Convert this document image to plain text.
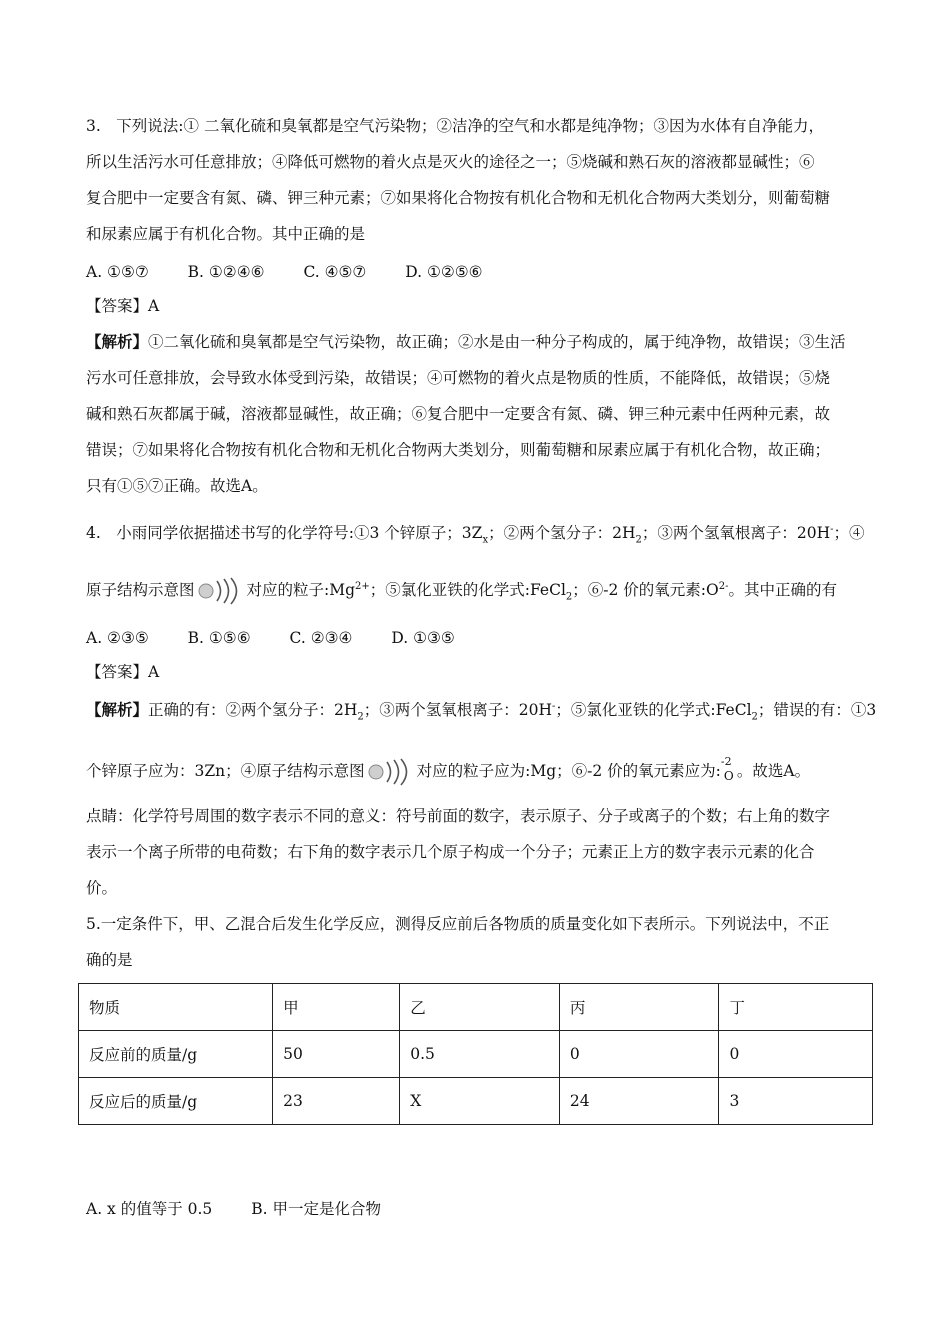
3.　下列说法:① 二氧化硫和臭氧都是空气污染物；②洁净的空气和水都是纯净物；③因为水体有自净能力，
所以生活污水可任意排放；④降低可燃物的着火点是灭火的途径之一；⑤烧碱和熟石灰的溶液都显碱性；⑥
复合肥中一定要含有氮、磷、钾三种元素；⑦如果将化合物按有机化合物和无机化合物两大类划分，则葡萄糖
和尿素应属于有机化合物。其中正确的是
A. ①⑤⑦	B. ①②④⑥	C. ④⑤⑦	D. ①②⑤⑥
【答案】A
【解析】①二氧化硫和臭氧都是空气污染物，故正确；②水是由一种分子构成的，属于纯净物，故错误；③生活
污水可任意排放，会导致水体受到污染，故错误；④可燃物的着火点是物质的性质，不能降低，故错误；⑤烧
碱和熟石灰都属于碱，溶液都显碱性，故正确；⑥复合肥中一定要含有氮、磷、钾三种元素中任两种元素，故
错误；⑦如果将化合物按有机化合物和无机化合物两大类划分，则葡萄糖和尿素应属于有机化合物，故正确；
只有①⑤⑦正确。故选A。
4.　小雨同学依据描述书写的化学符号:①3 个锌原子；$3Z_x$；②两个氢分子：$2H_2$；③两个氢氧根离子：20H-；④
原子结构示意图	对应的粒子$:Mg^{2+}$；⑤氯化亚铁的化学式:FeCl$_2$；⑥-2 价的氧元素$:O^{2-}$。其中正确的有
A. ②③⑤	B. ①⑤⑥	C. ②③④	D. ①③⑤
【答案】A
【解析】正确的有：②两个氢分子：$2H_2$；③两个氢氧根离子：20H-；⑤氯化亚铁的化学式:FeCl$_2$；错误的有：①3
个锌原子应为：3Zn；④原子结构示意图	对应的粒子应为:Mg；⑥-2 价的氧元素应为:
-2
O 。故选A。
点睛：化学符号周围的数字表示不同的意义：符号前面的数字，表示原子、分子或离子的个数；右上角的数字
表示一个离子所带的电荷数；右下角的数字表示几个原子构成一个分子；元素正上方的数字表示元素的化合
价。
5.一定条件下，甲、乙混合后发生化学反应，测得反应前后各物质的质量变化如下表所示。下列说法中，不正
确的是
A. x 的值等于 0.5	B. 甲一定是化合物
物质	甲	乙	丙	丁
反应前的质量/g	50	0.5	0	0
反应后的质量/g	23	X	24	3
